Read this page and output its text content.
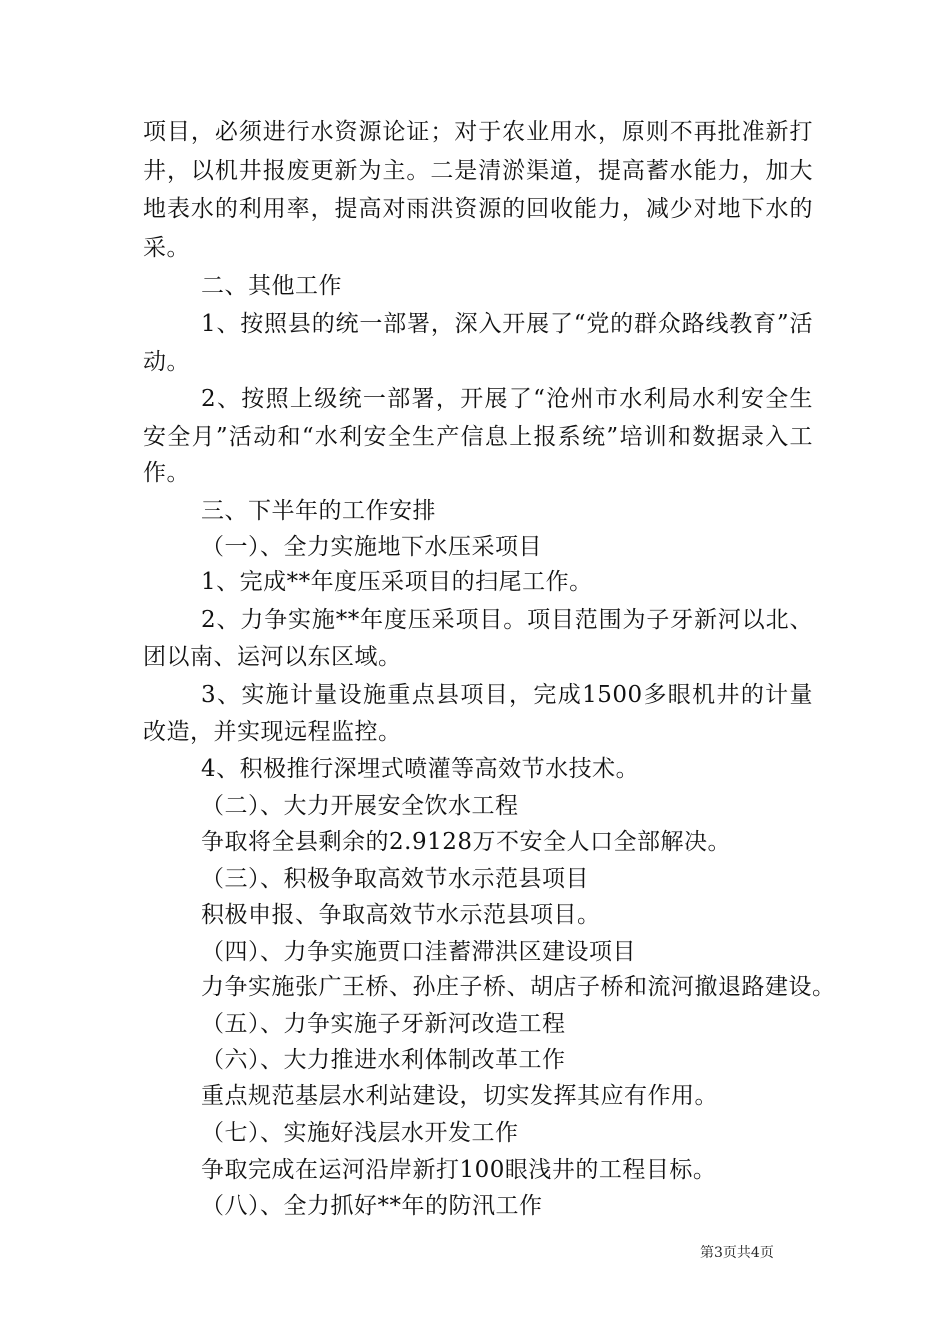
项目，必须进行水资源论证；对于农业用水，原则不再批准新打
井，以机井报废更新为主。二是清淤渠道，提高蓄水能力，加大
地表水的利用率，提高对雨洪资源的回收能力，减少对地下水的
采。
二、其他工作
1、按照县的统一部署，深入开展了“党的群众路线教育”活
动。
2、按照上级统一部署，开展了“沧州市水利局水利安全生
安全月”活动和“水利安全生产信息上报系统”培训和数据录入工
作。
三、下半年的工作安排
（一）、全力实施地下水压采项目
1、完成**年度压采项目的扫尾工作。
2、力争实施**年度压采项目。项目范围为子牙新河以北、
团以南、运河以东区域。
3、实施计量设施重点县项目，完成1500多眼机井的计量
改造，并实现远程监控。
4、积极推行深埋式喷灌等高效节水技术。
（二）、大力开展安全饮水工程
争取将全县剩余的2.9128万不安全人口全部解决。
（三）、积极争取高效节水示范县项目
积极申报、争取高效节水示范县项目。
（四）、力争实施贾口洼蓄滞洪区建设项目
力争实施张广王桥、孙庄子桥、胡店子桥和流河撤退路建设。
（五）、力争实施子牙新河改造工程
（六）、大力推进水利体制改革工作
重点规范基层水利站建设，切实发挥其应有作用。
（七）、实施好浅层水开发工作
争取完成在运河沿岸新打100眼浅井的工程目标。
（八）、全力抓好**年的防汛工作
第3页共4页
